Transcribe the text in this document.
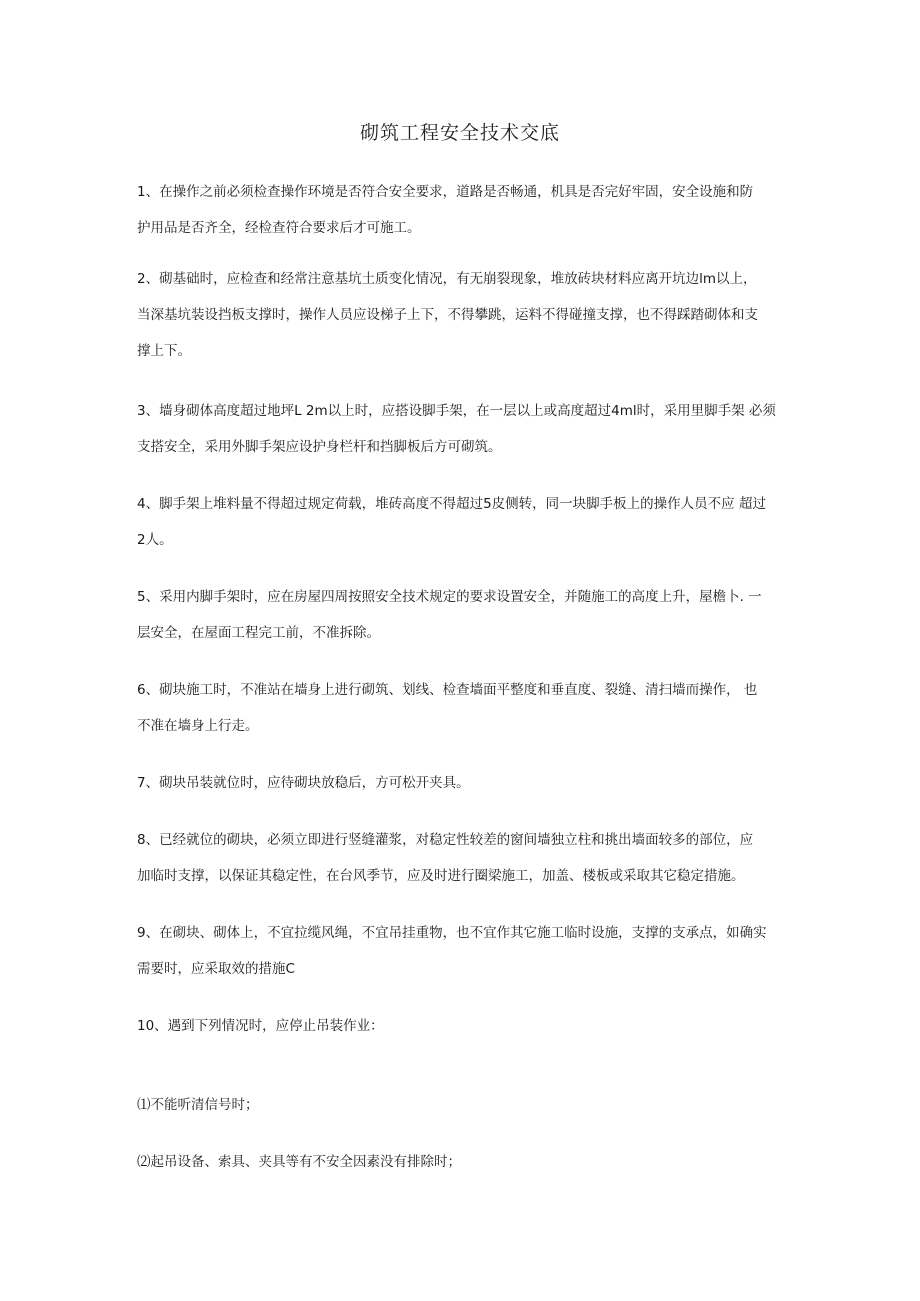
砌筑工程安全技术交底
1、在操作之前必须检查操作环境是否符合安全要求，道路是否畅通，机具是否完好牢固，安全设施和防
护用品是否齐全，经检查符合要求后才可施工。
2、砌基础时，应检查和经常注意基坑土质变化情况，有无崩裂现象，堆放砖块材料应离开坑边lm以上，
当深基坑装设挡板支撑时，操作人员应设梯子上下，不得攀跳，运料不得碰撞支撑，也不得踩踏砌体和支
撑上下。
3、墙身砌体高度超过地坪L 2m以上时，应搭设脚手架，在一层以上或高度超过4ml时，采用里脚手架 必须
支搭安全，采用外脚手架应设护身栏杆和挡脚板后方可砌筑。
4、脚手架上堆料量不得超过规定荷载，堆砖高度不得超过5皮侧转，同一块脚手板上的操作人员不应 超过
2人。
5、采用内脚手架时，应在房屋四周按照安全技术规定的要求设置安全，并随施工的高度上升，屋檐卜. 一
层安全，在屋面工程完工前，不准拆除。
6、砌块施工时，不准站在墙身上进行砌筑、划线、检查墙面平整度和垂直度、裂缝、清扫墙而操作， 也
不准在墙身上行走。
7、砌块吊装就位时，应待砌块放稳后，方可松开夹具。
8、已经就位的砌块，必须立即进行竖缝灌浆，对稳定性较差的窗间墙独立柱和挑出墙面较多的部位，应
加临时支撑，以保证其稳定性，在台风季节，应及时进行圈梁施工，加盖、楼板或采取其它稳定措施。
9、在砌块、砌体上，不宜拉缆风绳，不宜吊挂重物，也不宜作其它施工临时设施，支撑的支承点，如确实
需要时，应采取效的措施C
10、遇到下列情况时，应停止吊装作业：
⑴不能听清信号时；
⑵起吊设备、索具、夹具等有不安全因素没有排除时；
